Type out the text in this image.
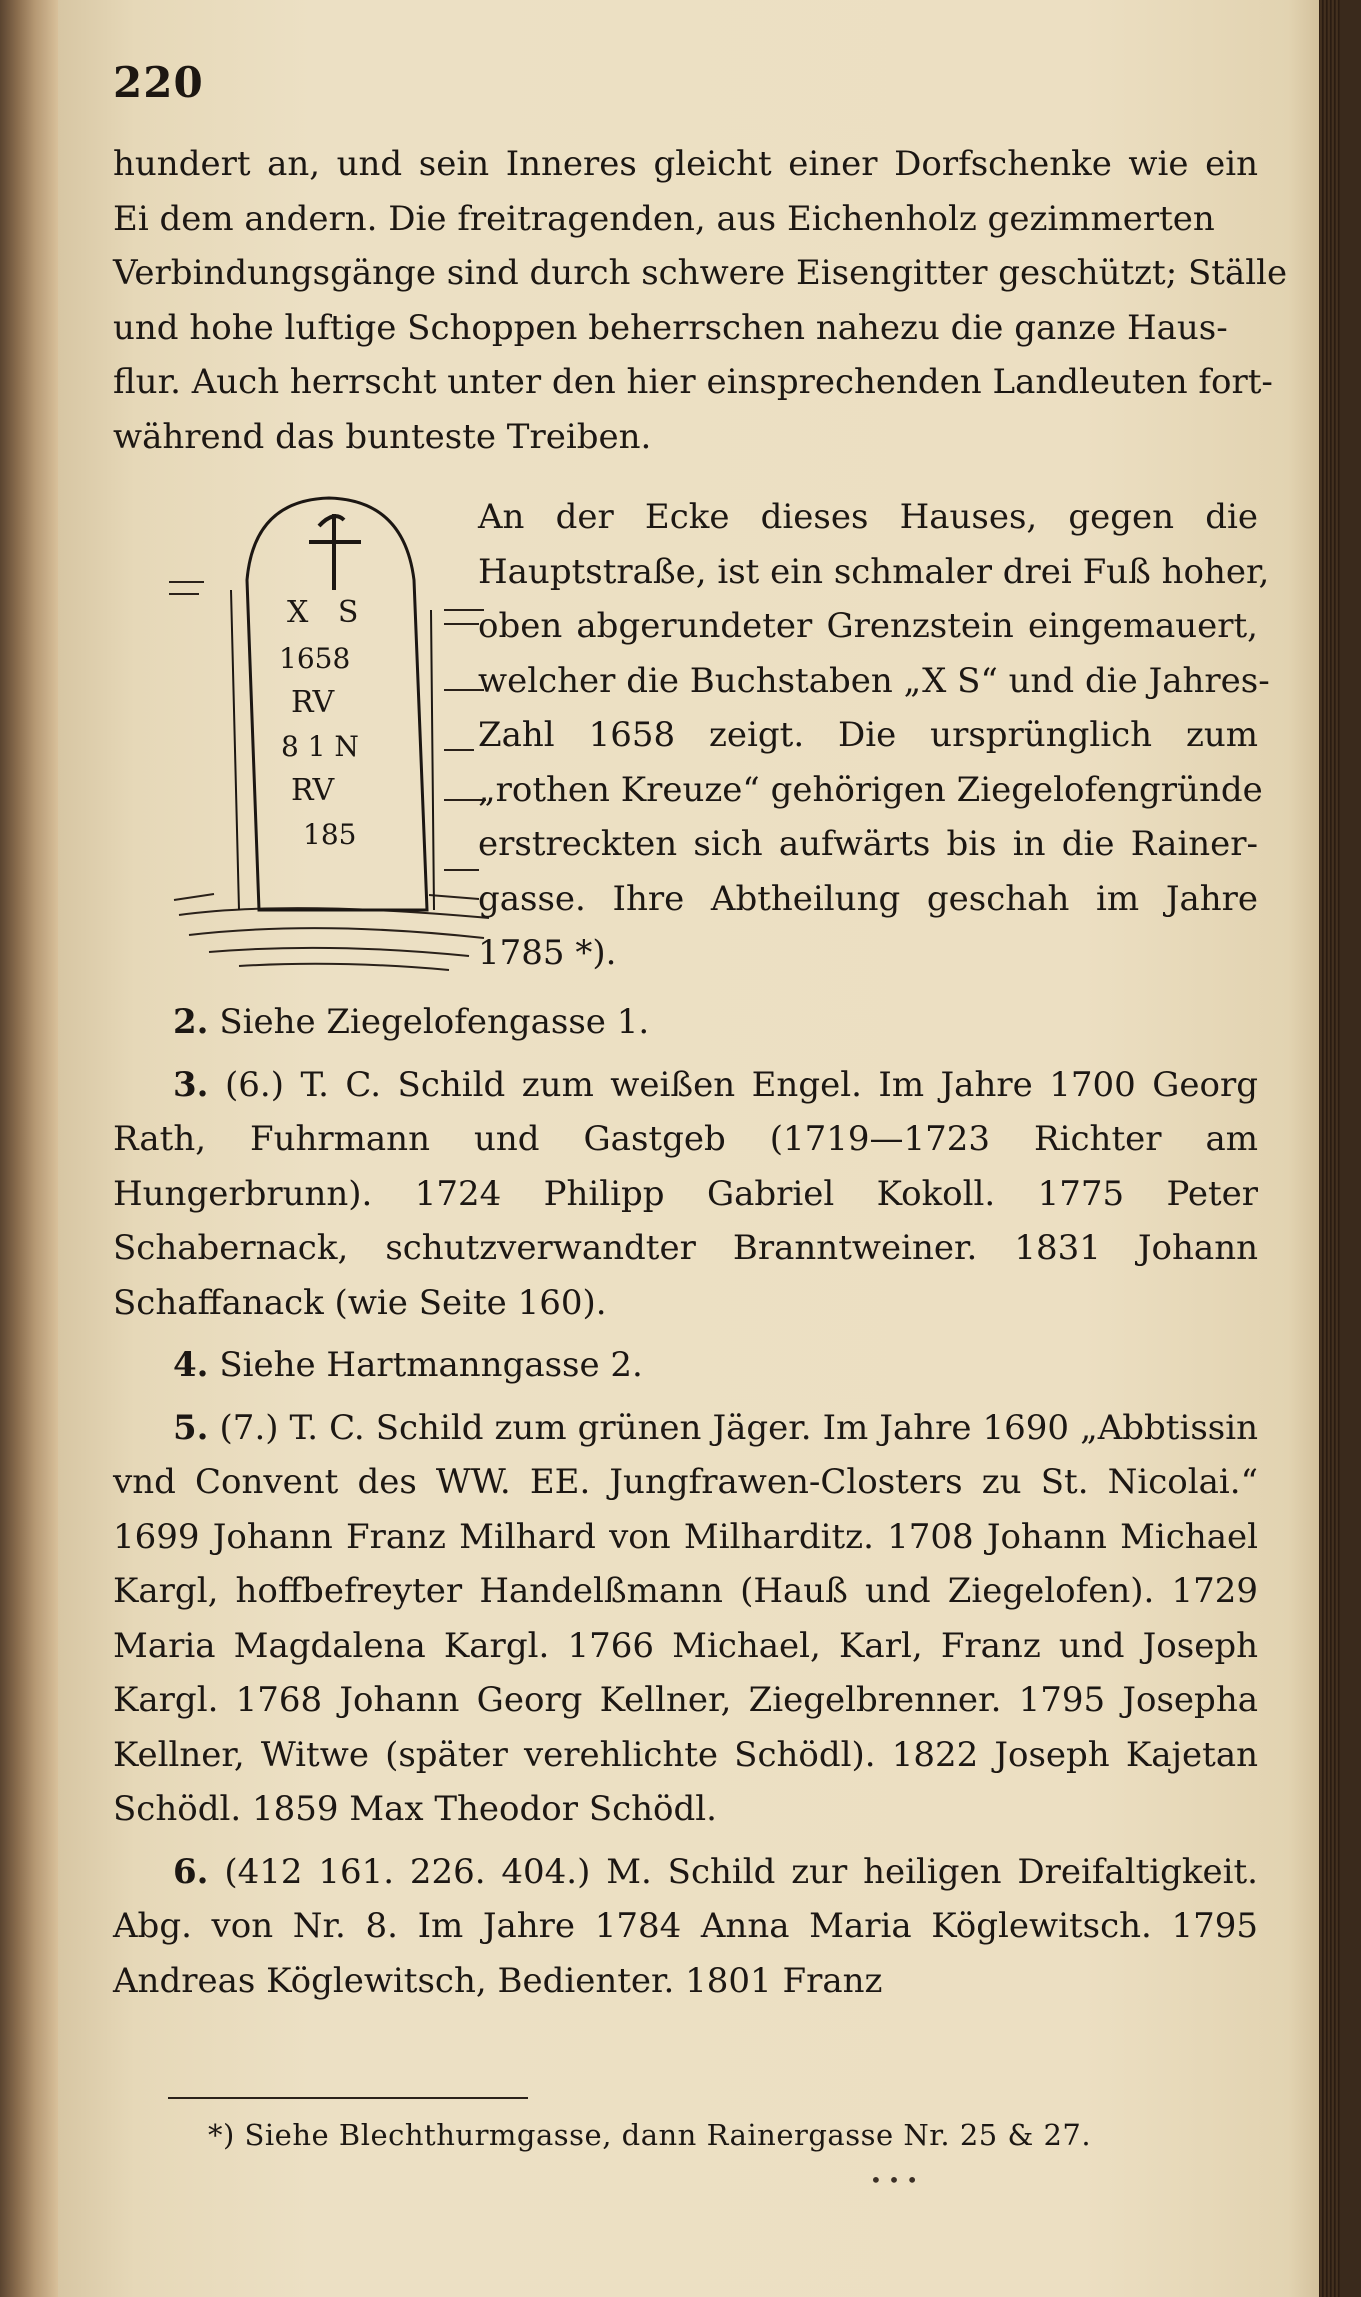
220
hundert an, und sein Inneres gleicht einer Dorfschenke wie ein
Ei dem andern. Die freitragenden, aus Eichenholz gezimmerten
Verbindungsgänge sind durch schwere Eisengitter geschützt; Ställe
und hohe luftige Schoppen beherrschen nahezu die ganze Haus-
flur. Auch herrscht unter den hier einsprechenden Landleuten fort-
während das bunteste Treiben.
X S
1658
RV
8 1 N
RV
185
An der Ecke dieses Hauses, gegen die
Hauptstraße, ist ein schmaler drei Fuß hoher,
oben abgerundeter Grenzstein eingemauert,
welcher die Buchstaben „X S“ und die Jahres-
Zahl 1658 zeigt. Die ursprünglich zum
„rothen Kreuze“ gehörigen Ziegelofengründe
erstreckten sich aufwärts bis in die Rainer-
gasse. Ihre Abtheilung geschah im Jahre
1785 *).
2. Siehe Ziegelofengasse 1.
3. (6.) T. C. Schild zum weißen Engel. Im Jahre 1700 Georg Rath, Fuhrmann und Gastgeb (1719—1723 Richter am Hungerbrunn). 1724 Philipp Gabriel Kokoll. 1775 Peter Schabernack, schutzverwandter Branntweiner. 1831 Johann Schaffanack (wie Seite 160).
4. Siehe Hartmanngasse 2.
5. (7.) T. C. Schild zum grünen Jäger. Im Jahre 1690 „Abbtissin vnd Convent des WW. EE. Jungfrawen-Closters zu St. Nicolai.“ 1699 Johann Franz Milhard von Milharditz. 1708 Johann Michael Kargl, hoffbefreyter Handelßmann (Hauß und Ziegelofen). 1729 Maria Magdalena Kargl. 1766 Michael, Karl, Franz und Joseph Kargl. 1768 Johann Georg Kellner, Ziegelbrenner. 1795 Josepha Kellner, Witwe (später verehlichte Schödl). 1822 Joseph Kajetan Schödl. 1859 Max Theodor Schödl.
6. (412 161. 226. 404.) M. Schild zur heiligen Dreifaltigkeit. Abg. von Nr. 8. Im Jahre 1784 Anna Maria Köglewitsch. 1795 Andreas Köglewitsch, Bedienter. 1801 Franz
*) Siehe Blechthurmgasse, dann Rainergasse Nr. 25 & 27.
• • •
